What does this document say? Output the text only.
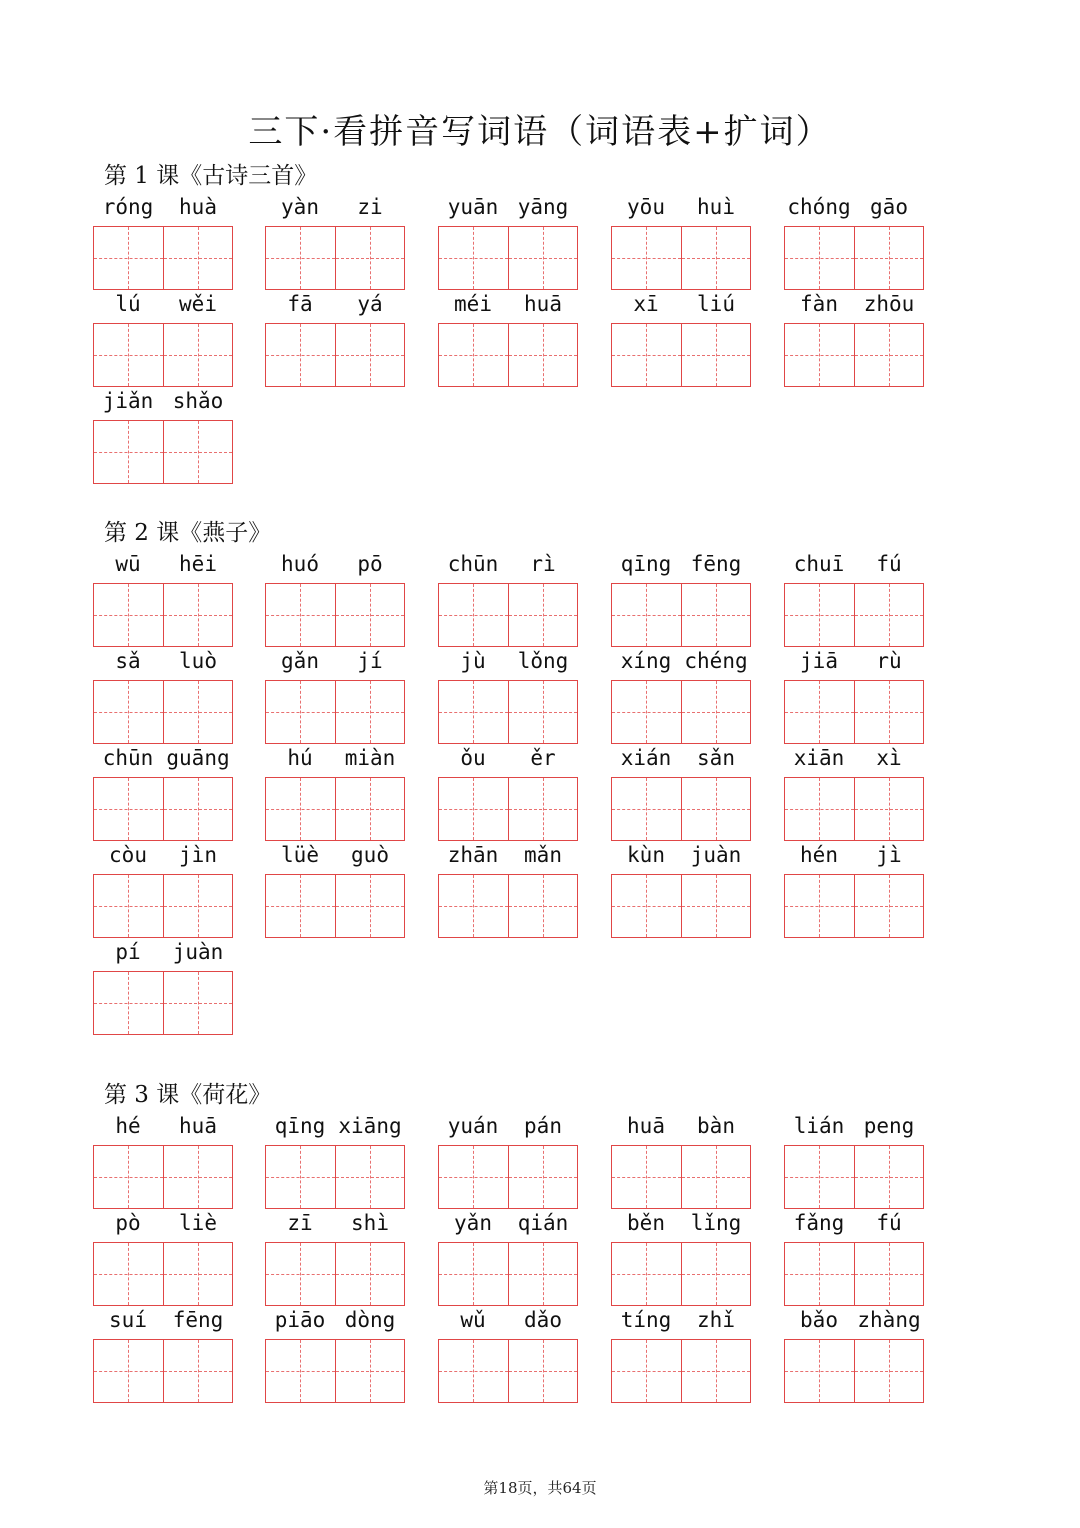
三下·看拼音写词语（词语表+扩词）
第 1 课《古诗三首》
róng	huà	yàn	zi	yuān yāng	yōu	huì	chóng gāo
lú	wěi	fā	yá	méi	huā	xī	liú	fàn	zhōu
jiǎn shǎo
第 2 课《燕子》
wū	hēi	huó	pō	chūn	rì	qīng fēng	chuī	fú
sǎ	luò	gǎn	jí	jù	lǒng	xíng chéng	jiā	rù
chūn guāng	hú	miàn	ǒu	ěr	xián	sǎn	xiān	xì
còu	jìn	lüè	guò	zhān	mǎn	kùn	juàn	hén	jì
pí	juàn
第 3 课《荷花》
hé	huā	qīng xiāng	yuán	pán	huā	bàn	lián peng
pò	liè	zī	shì	yǎn	qián	běn	lǐng	fǎng	fú
suí	fēng	piāo dòng	wǔ	dǎo	tíng	zhǐ	bǎo zhàng
第18页，共64页
